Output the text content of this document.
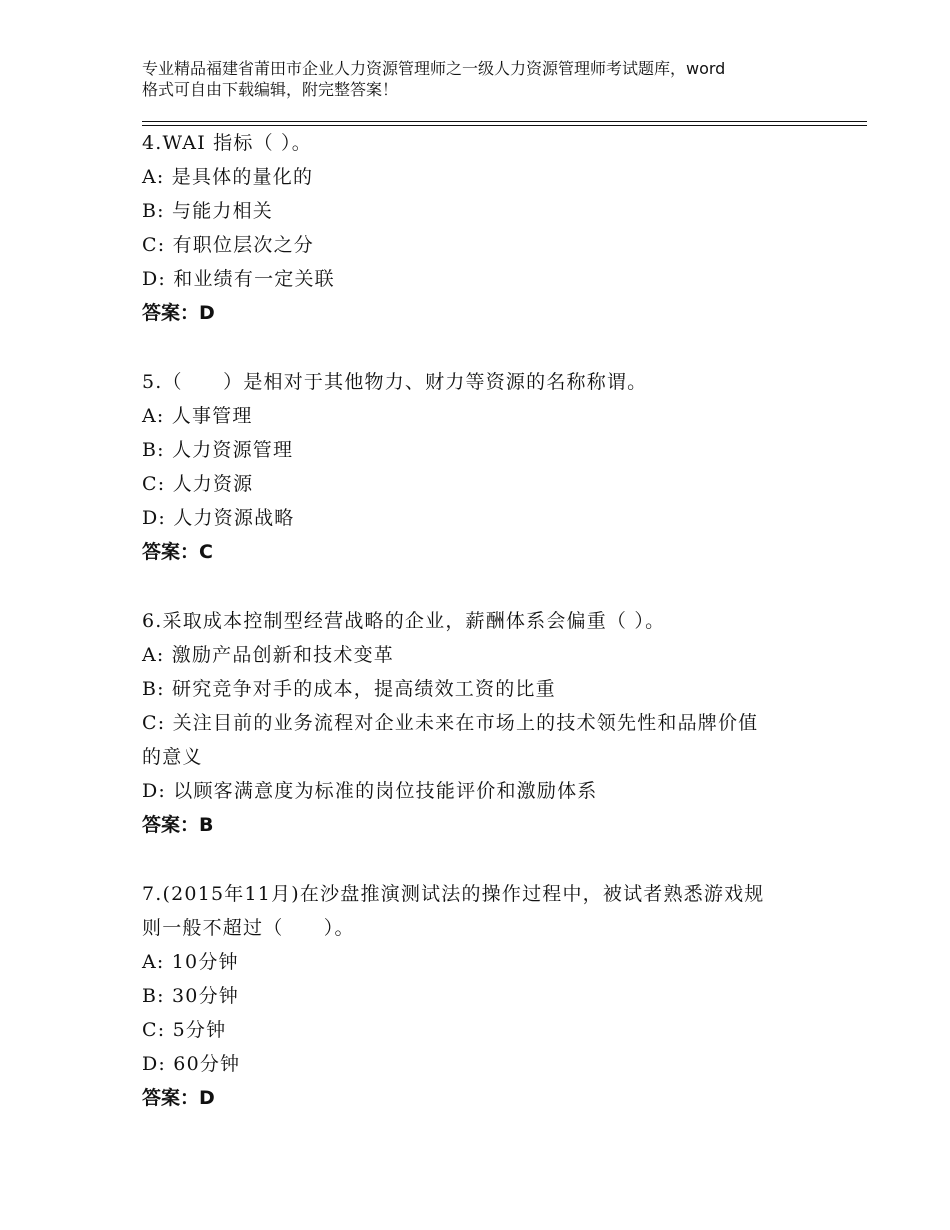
专业精品福建省莆田市企业人力资源管理师之一级人力资源管理师考试题库，word
格式可自由下载编辑，附完整答案！
4.WAI 指标（ ）。
A: 是具体的量化的
B: 与能力相关
C: 有职位层次之分
D: 和业绩有一定关联
答案：D
5.（　　）是相对于其他物力、财力等资源的名称称谓。
A: 人事管理
B: 人力资源管理
C: 人力资源
D: 人力资源战略
答案：C
6.采取成本控制型经营战略的企业，薪酬体系会偏重（ ）。
A: 激励产品创新和技术变革
B: 研究竞争对手的成本，提高绩效工资的比重
C: 关注目前的业务流程对企业未来在市场上的技术领先性和品牌价值
的意义
D: 以顾客满意度为标准的岗位技能评价和激励体系
答案：B
7.(2015年11月)在沙盘推演测试法的操作过程中，被试者熟悉游戏规
则一般不超过（　　）。
A: 10分钟
B: 30分钟
C: 5分钟
D: 60分钟
答案：D
